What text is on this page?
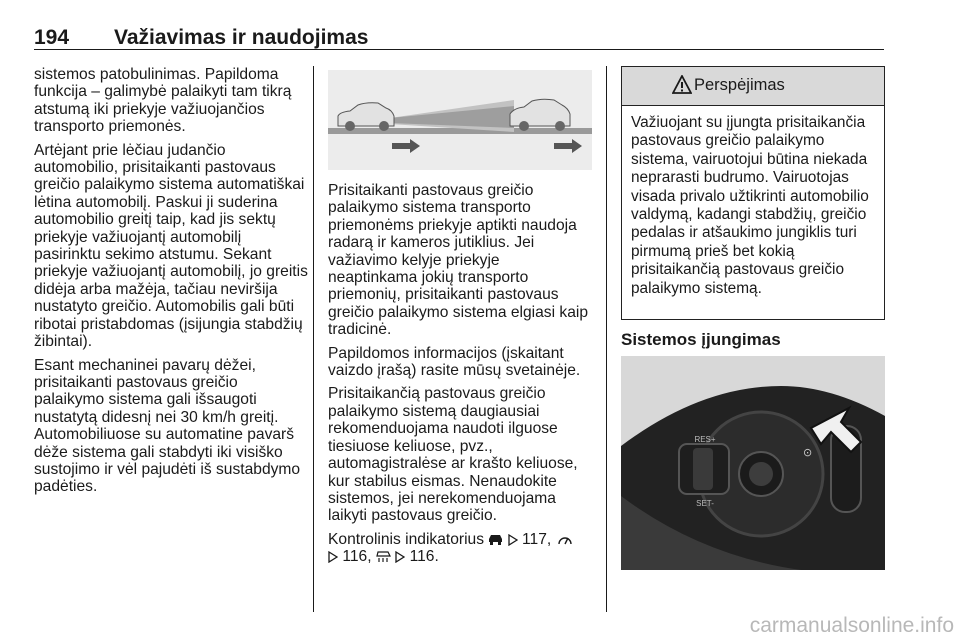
194 Važiavimas ir naudojimas

sistemos patobulinimas. Papildoma funkcija – galimybė palaikyti tam tikrą atstumą iki priekyje važiuojančios transporto priemonės.

Artėjant prie lėčiau judančio automobilio, prisitaikanti pastovaus greičio palaikymo sistema automatiškai lėtina automobilį. Paskui ji suderina automobilio greitį taip, kad jis sektų priekyje važiuojantį automobilį pasirinktu sekimo atstumu. Sekant priekyje važiuojantį automobilį, jo greitis didėja arba mažėja, tačiau neviršija nustatyto greičio. Automobilis gali būti ribotai pristabdomas (įsijungia stabdžių žibintai).

Esant mechaninei pavarų dėžei, prisitaikanti pastovaus greičio palaikymo sistema gali išsaugoti nustatytą didesnį nei 30 km/h greitį. Automobiliuose su automatine pavarš dėže sistema gali stabdyti iki visiško sustojimo ir vėl pajudėti iš sustabdymo padėties.

Prisitaikanti pastovaus greičio palaikymo sistema transporto priemonėms priekyje aptikti naudoja radarą ir kameros jutiklius. Jei važiavimo kelyje priekyje neaptinkama jokių transporto priemonių, prisitaikanti pastovaus greičio palaikymo sistema elgiasi kaip tradicinė.

Papildomos informacijos (įskaitant vaizdo įrašą) rasite mūsų svetainėje.

Prisitaikančią pastovaus greičio palaikymo sistemą daugiausiai rekomenduojama naudoti ilguose tiesiuose keliuose, pvz., automagistralėse ar krašto keliuose, kur stabilus eismas. Nenaudokite sistemos, jei nerekomenduojama laikyti pastovaus greičio.

Kontrolinis indikatorius 117,
116, 116.

Perspėjimas
Važiuojant su įjungta prisitaikančia pastovaus greičio palaikymo sistema, vairuotojui būtina niekada neprarasti budrumo. Vairuotojas visada privalo užtikrinti automobilio valdymą, kadangi stabdžių, greičio pedalas ir atšaukimo jungiklis turi pirmumą prieš bet kokią prisitaikančią pastovaus greičio palaikymo sistemą.
Sistemos įjungimas
RES+
SET-
⊙
carmanualsonline.info
